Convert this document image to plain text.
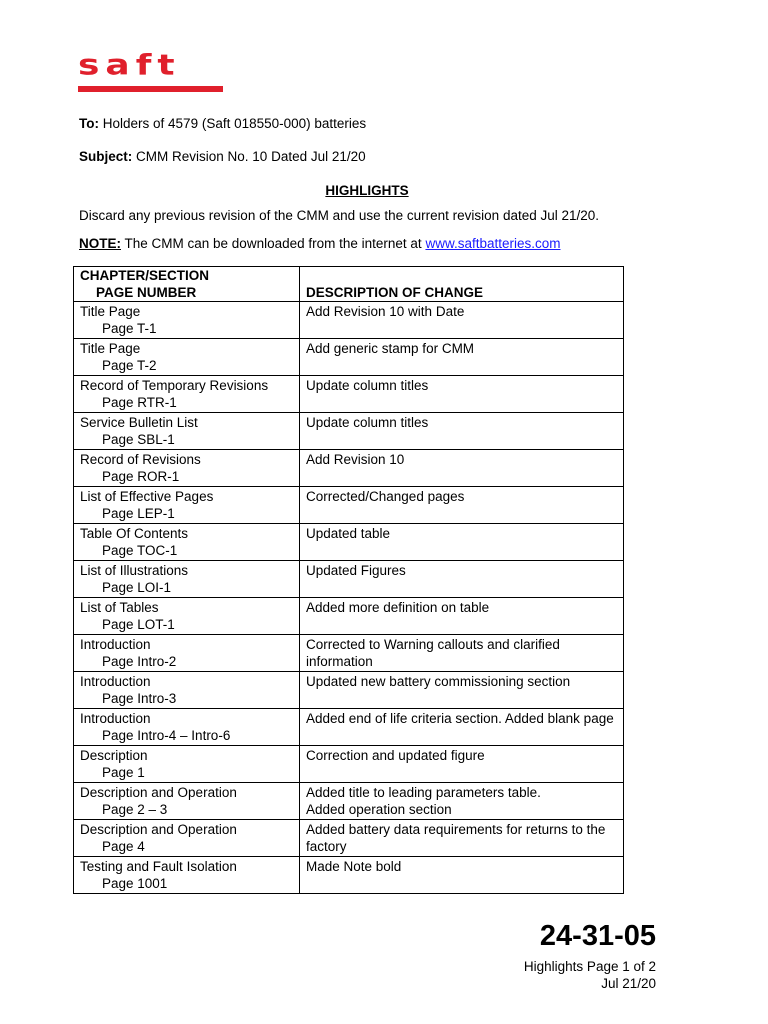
saft
To: Holders of 4579 (Saft 018550-000) batteries
Subject: CMM Revision No. 10 Dated Jul 21/20
HIGHLIGHTS
Discard any previous revision of the CMM and use the current revision dated Jul 21/20.
NOTE: The CMM can be downloaded from the internet at www.saftbatteries.com
CHAPTER/SECTION
PAGE NUMBER	DESCRIPTION OF CHANGE

Title Page
Page T-1	Add Revision 10 with Date

Title Page
Page T-2	Add generic stamp for CMM

Record of Temporary Revisions
Page RTR-1	Update column titles

Service Bulletin List
Page SBL-1	Update column titles

Record of Revisions
Page ROR-1	Add Revision 10

List of Effective Pages
Page LEP-1	Corrected/Changed pages

Table Of Contents
Page TOC-1	Updated table

List of Illustrations
Page LOI-1	Updated Figures

List of Tables
Page LOT-1	Added more definition on table

Introduction
Page Intro-2	Corrected to Warning callouts and clarified information

Introduction
Page Intro-3	Updated new battery commissioning section

Introduction
Page Intro-4 – Intro-6	Added end of life criteria section. Added blank page

Description
Page 1	Correction and updated figure

Description and Operation
Page 2 – 3	Added title to leading parameters table.
Added operation section

Description and Operation
Page 4	Added battery data requirements for returns to the factory

Testing and Fault Isolation
Page 1001	Made Note bold
24-31-05
Highlights Page 1 of 2
Jul 21/20
